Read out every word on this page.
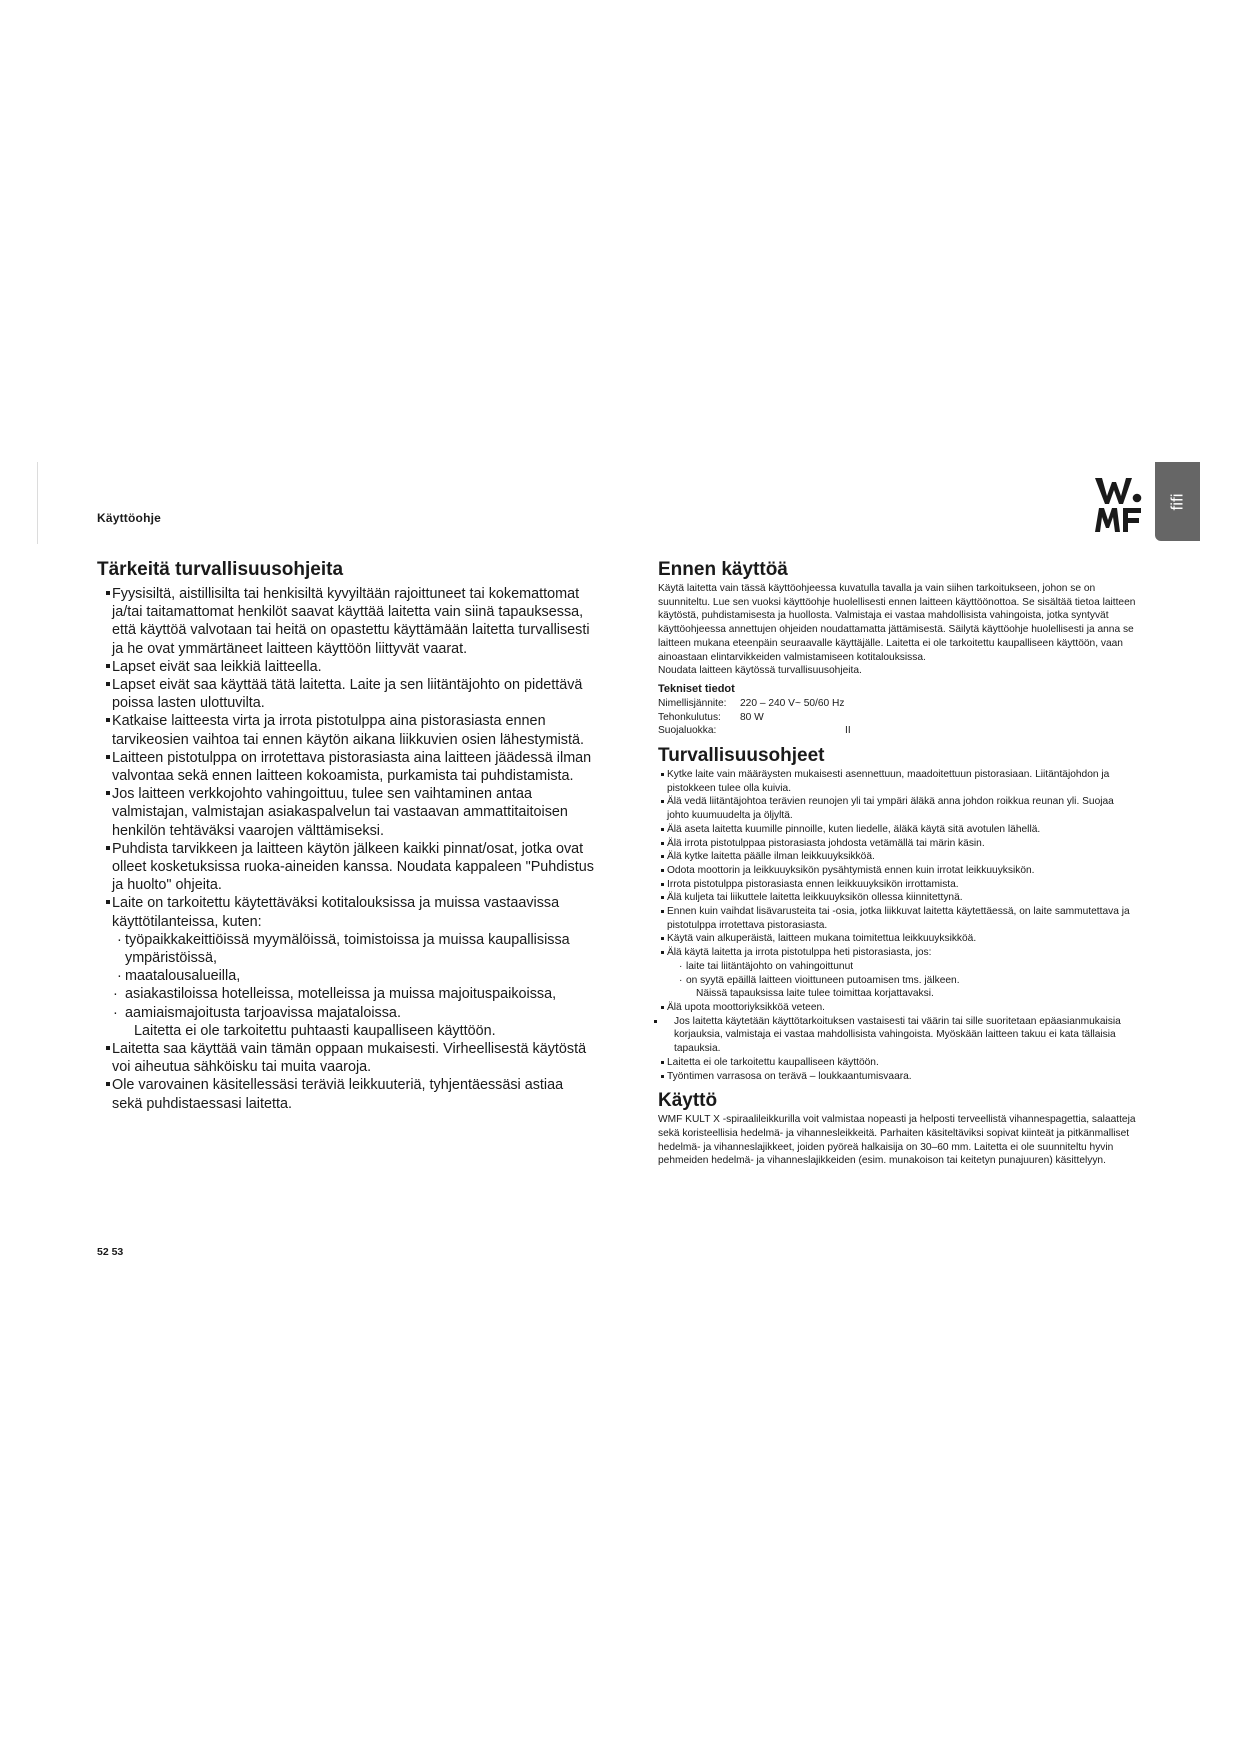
Käyttöohje
fifi
Tärkeitä turvallisuusohjeita
Fyysisiltä, aistillisilta tai henkisiltä kyvyiltään rajoittuneet tai kokemattomat ja/tai taitamattomat henkilöt saavat käyttää laitetta vain siinä tapauksessa, että käyttöä valvotaan tai heitä on opastettu käyttämään laitetta turvallisesti ja he ovat ymmärtäneet laitteen käyttöön liittyvät vaarat.
Lapset eivät saa leikkiä laitteella.
Lapset eivät saa käyttää tätä laitetta. Laite ja sen liitäntäjohto on pidettävä poissa lasten ulottuvilta.
Katkaise laitteesta virta ja irrota pistotulppa aina pistorasiasta ennen tarvikeosien vaihtoa tai ennen käytön aikana liikkuvien osien lähestymistä.
Laitteen pistotulppa on irrotettava pistorasiasta aina laitteen jäädessä ilman valvontaa sekä ennen laitteen kokoamista, purkamista tai puhdistamista.
Jos laitteen verkkojohto vahingoittuu, tulee sen vaihtaminen antaa valmistajan, valmistajan asiakaspalvelun tai vastaavan ammattitaitoisen henkilön tehtäväksi vaarojen välttämiseksi.
Puhdista tarvikkeen ja laitteen käytön jälkeen kaikki pinnat/osat, jotka ovat olleet kosketuksissa ruoka-aineiden kanssa. Noudata kappaleen "Puhdistus ja huolto" ohjeita.
Laite on tarkoitettu käytettäväksi kotitalouksissa ja muissa vastaavissa käyttötilanteissa, kuten:
· työpaikkakeittiöissä myymälöissä, toimistoissa ja muissa kaupallisissa ympäristöissä,
· maatalousalueilla,
· asiakastiloissa hotelleissa, motelleissa ja muissa majoituspaikoissa,
· aamiaismajoitusta tarjoavissa majataloissa.
Laitetta ei ole tarkoitettu puhtaasti kaupalliseen käyttöön.
Laitetta saa käyttää vain tämän oppaan mukaisesti. Virheellisestä käytöstä voi aiheutua sähköisku tai muita vaaroja.
Ole varovainen käsitellessäsi teräviä leikkuuteriä, tyhjentäessäsi astiaa sekä puhdistaessasi laitetta.
Ennen käyttöä

Käytä laitetta vain tässä käyttöohjeessa kuvatulla tavalla ja vain siihen tarkoitukseen, johon se on suunniteltu. Lue sen vuoksi käyttöohje huolellisesti ennen laitteen käyttöönottoa. Se sisältää tietoa laitteen käytöstä, puhdistamisesta ja huollosta. Valmistaja ei vastaa mahdollisista vahingoista, jotka syntyvät käyttöohjeessa annettujen ohjeiden noudattamatta jättämisestä. Säilytä käyttöohje huolellisesti ja anna se laitteen mukana eteenpäin seuraavalle käyttäjälle. Laitetta ei ole tarkoitettu kaupalliseen käyttöön, vaan ainoastaan elintarvikkeiden valmistamiseen kotitalouksissa.

Noudata laitteen käytössä turvallisuusohjeita.

Tekniset tiedot
Nimellisjännite:	220 – 240 V~ 50/60 Hz
Tehonkulutus:	80 W
Suojaluokka:	II
Turvallisuusohjeet
Kytke laite vain määräysten mukaisesti asennettuun, maadoitettuun pistorasiaan. Liitäntäjohdon ja pistokkeen tulee olla kuivia.
Älä vedä liitäntäjohtoa terävien reunojen yli tai ympäri äläkä anna johdon roikkua reunan yli. Suojaa johto kuumuudelta ja öljyltä.
Älä aseta laitetta kuumille pinnoille, kuten liedelle, äläkä käytä sitä avotulen lähellä.
Älä irrota pistotulppaa pistorasiasta johdosta vetämällä tai märin käsin.
Älä kytke laitetta päälle ilman leikkuuyksikköä.
Odota moottorin ja leikkuuyksikön pysähtymistä ennen kuin irrotat leikkuuyksikön.
Irrota pistotulppa pistorasiasta ennen leikkuuyksikön irrottamista.
Älä kuljeta tai liikuttele laitetta leikkuuyksikön ollessa kiinnitettynä.
Ennen kuin vaihdat lisävarusteita tai -osia, jotka liikkuvat laitetta käytettäessä, on laite sammutettava ja pistotulppa irrotettava pistorasiasta.
Käytä vain alkuperäistä, laitteen mukana toimitettua leikkuuyksikköä.
Älä käytä laitetta ja irrota pistotulppa heti pistorasiasta, jos:
· laite tai liitäntäjohto on vahingoittunut
· on syytä epäillä laitteen vioittuneen putoamisen tms. jälkeen.
Näissä tapauksissa laite tulee toimittaa korjattavaksi.
Älä upota moottoriyksikköä veteen.
Jos laitetta käytetään käyttötarkoituksen vastaisesti tai väärin tai sille suoritetaan epäasianmukaisia korjauksia, valmistaja ei vastaa mahdollisista vahingoista. Myöskään laitteen takuu ei kata tällaisia tapauksia.
Laitetta ei ole tarkoitettu kaupalliseen käyttöön.
Työntimen varrasosa on terävä – loukkaantumisvaara.
Käyttö

WMF KULT X -spiraalileikkurilla voit valmistaa nopeasti ja helposti terveellistä vihannespagettia, salaatteja sekä koristeellisia hedelmä- ja vihannesleikkeitä. Parhaiten käsiteltäviksi sopivat kiinteät ja pitkänmalliset hedelmä- ja vihanneslajikkeet, joiden pyöreä halkaisija on 30–60 mm. Laitetta ei ole suunniteltu hyvin pehmeiden hedelmä- ja vihanneslajikkeiden (esim. munakoison tai keitetyn punajuuren) käsittelyyn.

52 53
